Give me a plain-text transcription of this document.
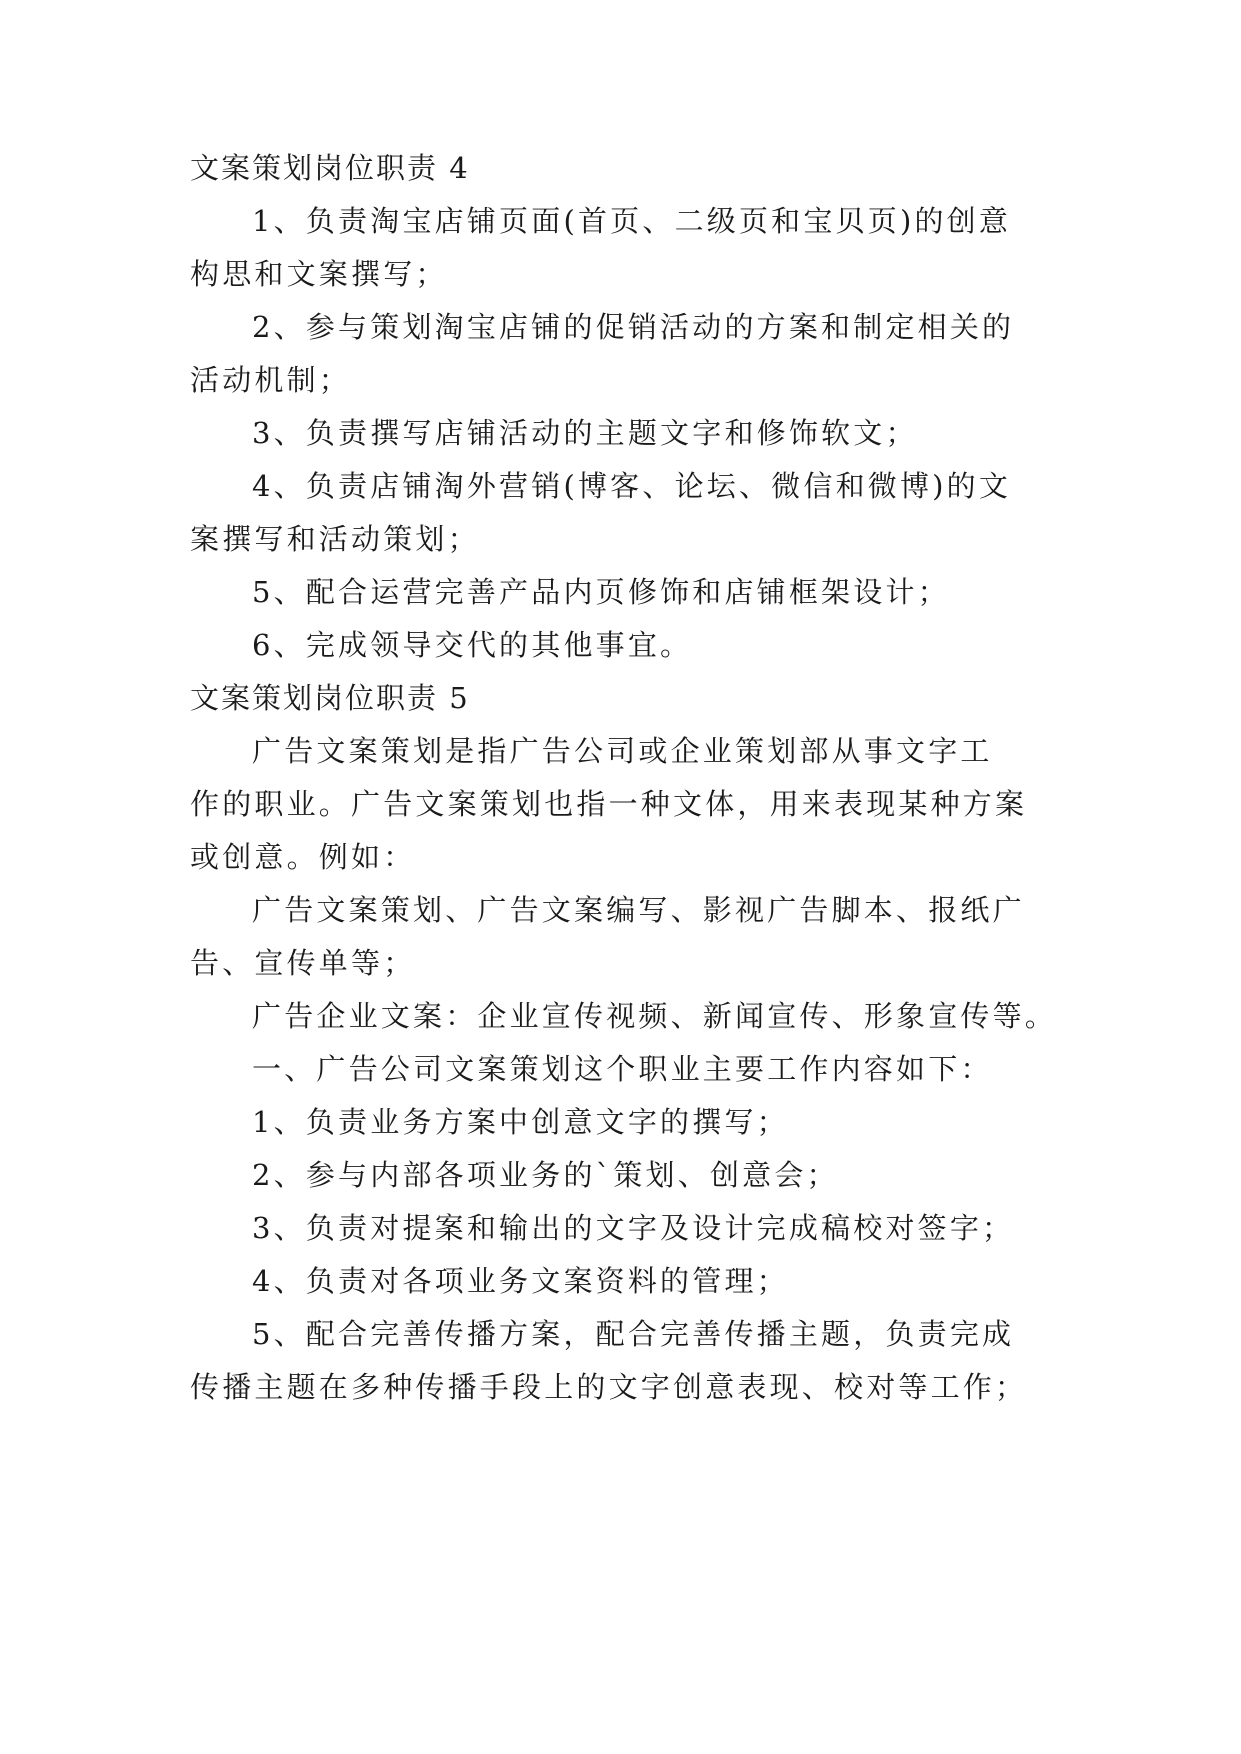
文案策划岗位职责 4
1、负责淘宝店铺页面(首页、二级页和宝贝页)的创意
构思和文案撰写；
2、参与策划淘宝店铺的促销活动的方案和制定相关的
活动机制；
3、负责撰写店铺活动的主题文字和修饰软文；
4、负责店铺淘外营销(博客、论坛、微信和微博)的文
案撰写和活动策划；
5、配合运营完善产品内页修饰和店铺框架设计；
6、完成领导交代的其他事宜。
文案策划岗位职责 5
广告文案策划是指广告公司或企业策划部从事文字工
作的职业。广告文案策划也指一种文体，用来表现某种方案
或创意。例如：
广告文案策划、广告文案编写、影视广告脚本、报纸广
告、宣传单等；
广告企业文案：企业宣传视频、新闻宣传、形象宣传等。
一、广告公司文案策划这个职业主要工作内容如下：
1、负责业务方案中创意文字的撰写；
2、参与内部各项业务的`策划、创意会；
3、负责对提案和输出的文字及设计完成稿校对签字；
4、负责对各项业务文案资料的管理；
5、配合完善传播方案，配合完善传播主题，负责完成
传播主题在多种传播手段上的文字创意表现、校对等工作；
